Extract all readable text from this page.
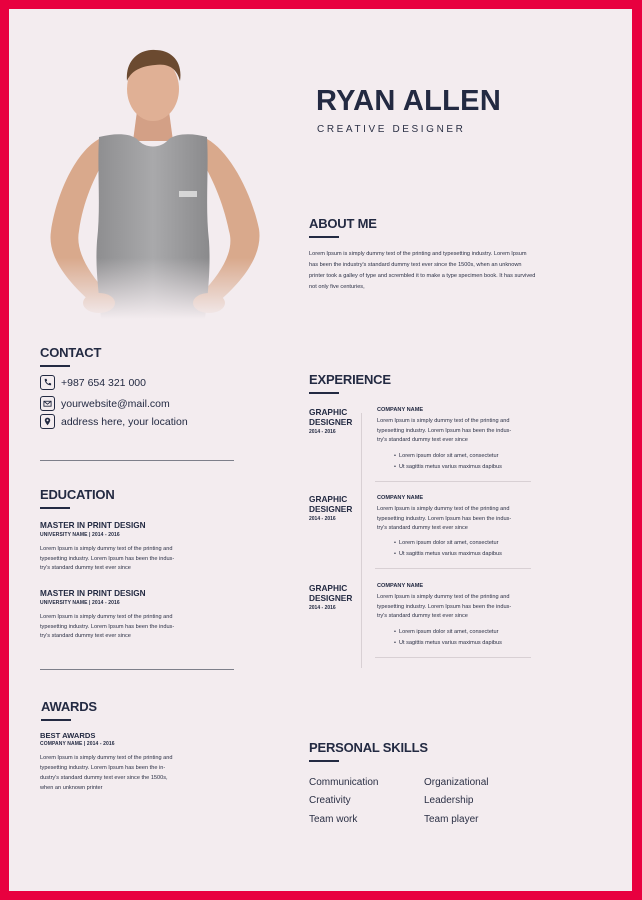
RYAN ALLEN
CREATIVE DESIGNER
ABOUT ME
Lorem Ipsum is simply dummy text of the printing and typesetting industry. Lorem Ipsum
has been the industry's standard dummy text ever since the 1500s, when an unknown
printer took a galley of type and scrembled it to make a type specimen book. It has survived
not only five centuries,
CONTACT
+987 654 321 000
yourwebsite@mail.com
address here, your location
EDUCATION
MASTER IN PRINT DESIGN
UNIVERSITY NAME | 2014 - 2016
Lorem Ipsum is simply dummy text of the printing and
typesetting industry. Lorem Ipsum has been the indus-
try's standard dummy text ever since
MASTER IN PRINT DESIGN
UNIVERSITY NAME | 2014 - 2016
Lorem Ipsum is simply dummy text of the printing and
typesetting industry. Lorem Ipsum has been the indus-
try's standard dummy text ever since
AWARDS
BEST AWARDS
COMPANY NAME | 2014 - 2016
Lorem Ipsum is simply dummy text of the printing and
typesetting industry. Lorem Ipsum has been the in-
dustry's standard dummy text ever since the 1500s,
when an unknown printer
EXPERIENCE
GRAPHIC
DESIGNER
2014 - 2016
COMPANY NAME
Lorem Ipsum is simply dummy text of the printing and
typesetting industry. Lorem Ipsum has been the indus-
try's standard dummy text ever since
• Lorem ipsum dolor sit amet, consectetur
• Ut sagittis metus varius maximus dapibus
GRAPHIC
DESIGNER
2014 - 2016
COMPANY NAME
Lorem Ipsum is simply dummy text of the printing and
typesetting industry. Lorem Ipsum has been the indus-
try's standard dummy text ever since
• Lorem ipsum dolor sit amet, consectetur
• Ut sagittis metus varius maximus dapibus
GRAPHIC
DESIGNER
2014 - 2016
COMPANY NAME
Lorem Ipsum is simply dummy text of the printing and
typesetting industry. Lorem Ipsum has been the indus-
try's standard dummy text ever since
• Lorem ipsum dolor sit amet, consectetur
• Ut sagittis metus varius maximus dapibus
PERSONAL SKILLS
Communication
Creativity
Team work
Organizational
Leadership
Team player
